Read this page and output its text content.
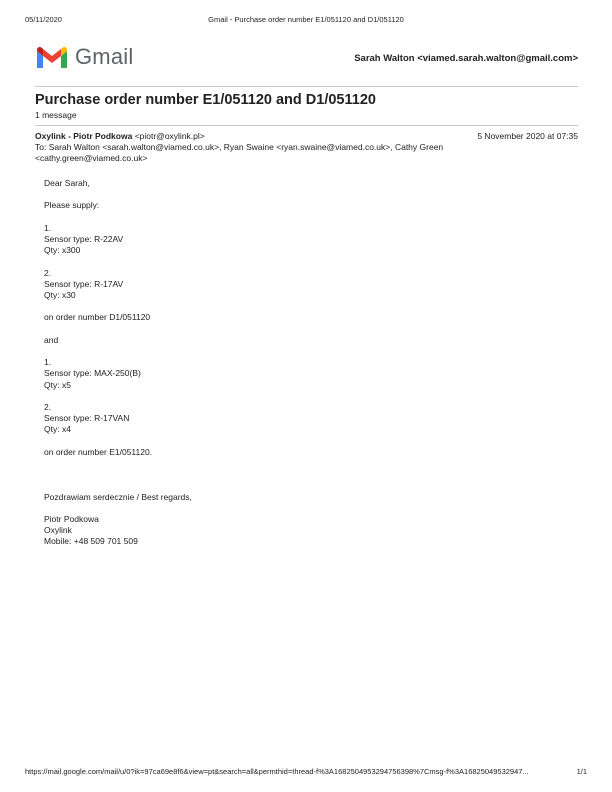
05/11/2020	Gmail - Purchase order number E1/051120 and D1/051120
Gmail	Sarah Walton <viamed.sarah.walton@gmail.com>
Purchase order number E1/051120 and D1/051120
1 message
Oxylink - Piotr Podkowa <piotr@oxylink.pl>	5 November 2020 at 07:35
To: Sarah Walton <sarah.walton@viamed.co.uk>, Ryan Swaine <ryan.swaine@viamed.co.uk>, Cathy Green <cathy.green@viamed.co.uk>
Dear Sarah,
Please supply:
1.
Sensor type: R-22AV
Qty: x300
2.
Sensor type: R-17AV
Qty: x30
on order number D1/051120
and
1.
Sensor type: MAX-250(B)
Qty: x5
2.
Sensor type: R-17VAN
Qty: x4
on order number E1/051120.
Pozdrawiam serdecznie / Best regards,
Piotr Podkowa
Oxylink
Mobile: +48 509 701 509
https://mail.google.com/mail/u/0?ik=97ca69e8f6&view=pt&search=all&permthid=thread-f%3A1682504953294756398%7Cmsg-f%3A16825049532947...	1/1
